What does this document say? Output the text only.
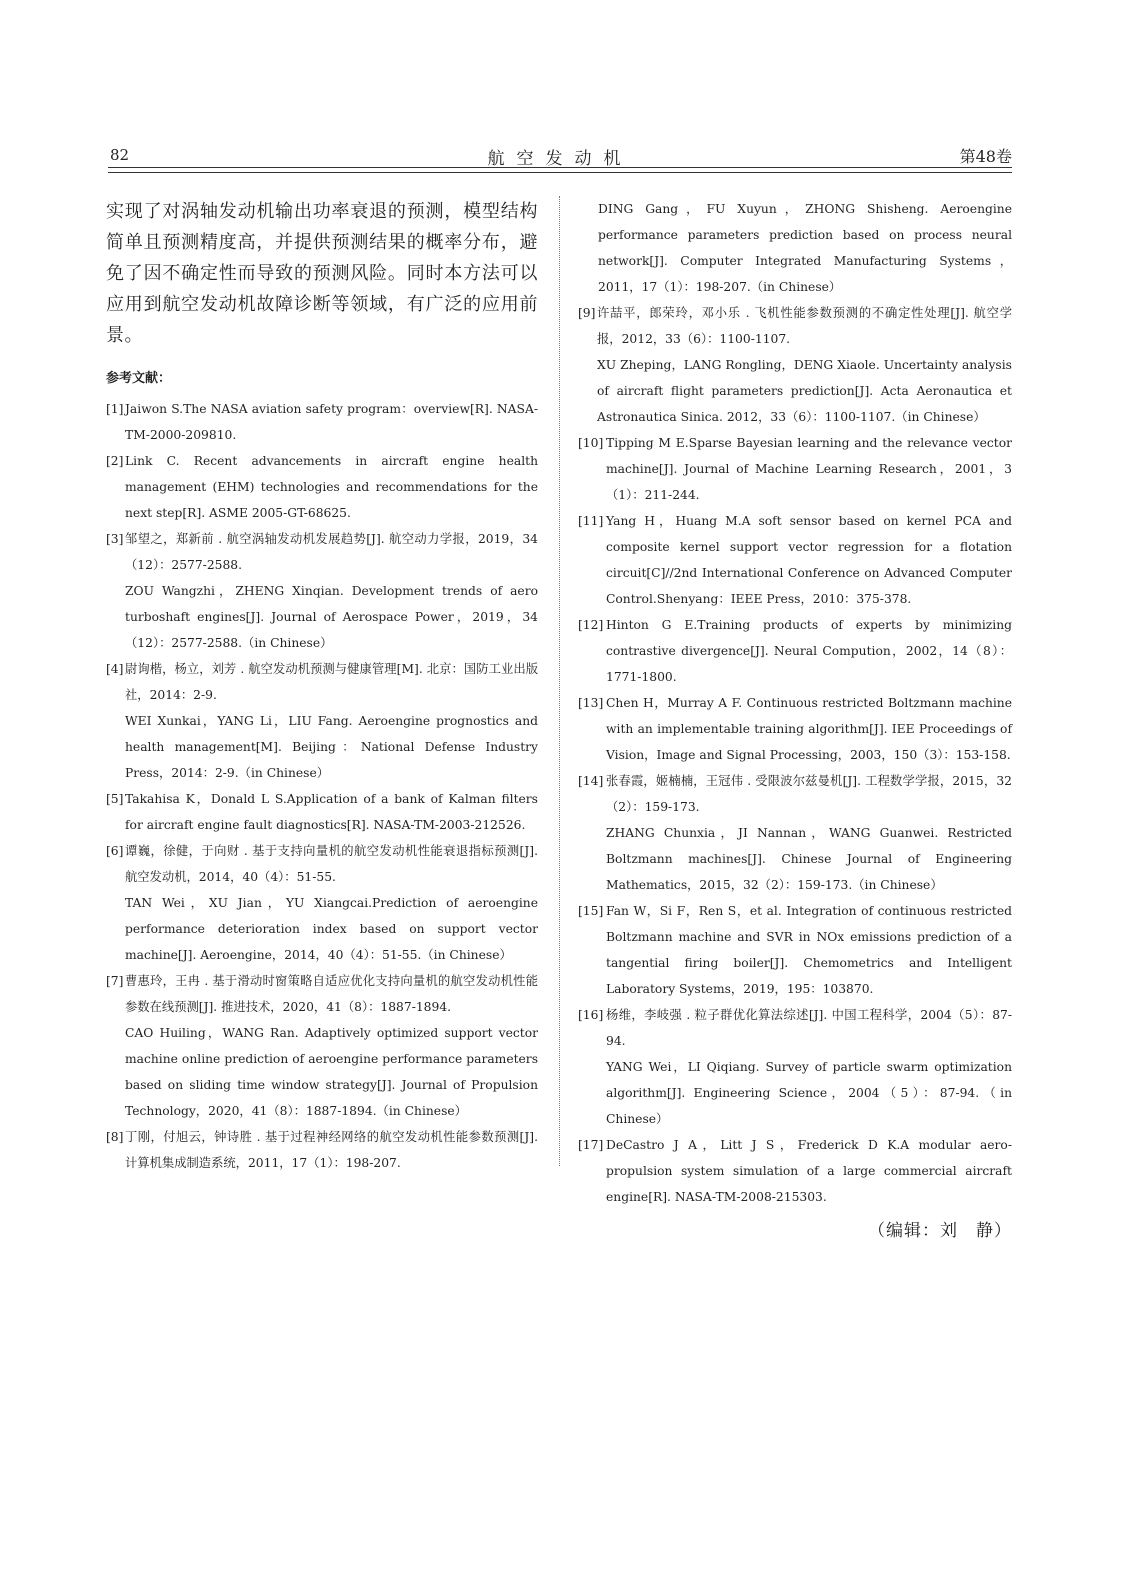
82	航空发动机	第48卷

实现了对涡轴发动机输出功率衰退的预测，模型结构简单且预测精度高，并提供预测结果的概率分布，避免了因不确定性而导致的预测风险。同时本方法可以应用到航空发动机故障诊断等领域，有广泛的应用前景。

参考文献：
[1] Jaiwon S.The NASA aviation safety program：overview[R]. NASA-TM-2000-209810.
[2] Link C. Recent advancements in aircraft engine health management (EHM) technologies and recommendations for the next step[R]. ASME 2005-GT-68625.
[3] 邹望之，郑新前 . 航空涡轴发动机发展趋势[J]. 航空动力学报，2019，34（12）：2577-2588.
ZOU Wangzhi，ZHENG Xinqian. Development trends of aero turboshaft engines[J]. Journal of Aerospace Power，2019，34（12）：2577-2588.（in Chinese）
[4] 尉询楷，杨立，刘芳 . 航空发动机预测与健康管理[M]. 北京：国防工业出版社，2014：2-9.
WEI Xunkai，YANG Li，LIU Fang. Aeroengine prognostics and health management[M]. Beijing：National Defense Industry Press，2014：2-9.（in Chinese）
[5] Takahisa K，Donald L S.Application of a bank of Kalman filters for aircraft engine fault diagnostics[R]. NASA-TM-2003-212526.
[6] 谭巍，徐健，于向财 . 基于支持向量机的航空发动机性能衰退指标预测[J]. 航空发动机，2014，40（4）：51-55.
TAN Wei，XU Jian，YU Xiangcai.Prediction of aeroengine performance deterioration index based on support vector machine[J]. Aeroengine，2014，40（4）：51-55.（in Chinese）
[7] 曹惠玲，王冉 . 基于滑动时窗策略自适应优化支持向量机的航空发动机性能参数在线预测[J]. 推进技术，2020，41（8）：1887-1894.
CAO Huiling，WANG Ran. Adaptively optimized support vector machine online prediction of aeroengine performance parameters based on sliding time window strategy[J]. Journal of Propulsion Technology，2020，41（8）：1887-1894.（in Chinese）
[8] 丁刚，付旭云，钟诗胜 . 基于过程神经网络的航空发动机性能参数预测[J]. 计算机集成制造系统，2011，17（1）：198-207.
DING Gang，FU Xuyun，ZHONG Shisheng. Aeroengine performance parameters prediction based on process neural network[J]. Computer Integrated Manufacturing Systems，2011，17（1）：198-207.（in Chinese）
[9] 许喆平，郎荣玲，邓小乐 . 飞机性能参数预测的不确定性处理[J]. 航空学报，2012，33（6）：1100-1107.
XU Zheping，LANG Rongling，DENG Xiaole. Uncertainty analysis of aircraft flight parameters prediction[J]. Acta Aeronautica et Astronautica Sinica. 2012，33（6）：1100-1107.（in Chinese）
[10] Tipping M E.Sparse Bayesian learning and the relevance vector machine[J]. Journal of Machine Learning Research，2001，3（1）：211-244.
[11] Yang H，Huang M.A soft sensor based on kernel PCA and composite kernel support vector regression for a flotation circuit[C]//2nd International Conference on Advanced Computer Control.Shenyang：IEEE Press，2010：375-378.
[12] Hinton G E.Training products of experts by minimizing contrastive divergence[J]. Neural Compution，2002，14（8）：1771-1800.
[13] Chen H，Murray A F. Continuous restricted Boltzmann machine with an implementable training algorithm[J]. IEE Proceedings of Vision，Image and Signal Processing，2003，150（3）：153-158.
[14] 张春霞，姬楠楠，王冠伟 . 受限波尔兹曼机[J]. 工程数学学报，2015，32（2）：159-173.
ZHANG Chunxia，JI Nannan，WANG Guanwei. Restricted Boltzmann machines[J]. Chinese Journal of Engineering Mathematics，2015，32（2）：159-173.（in Chinese）
[15] Fan W，Si F，Ren S，et al. Integration of continuous restricted Boltzmann machine and SVR in NOx emissions prediction of a tangential firing boiler[J]. Chemometrics and Intelligent Laboratory Systems，2019，195：103870.
[16] 杨维，李岐强 . 粒子群优化算法综述[J]. 中国工程科学，2004（5）：87-94.
YANG Wei，LI Qiqiang. Survey of particle swarm optimization algorithm[J]. Engineering Science，2004（5）：87-94.（in Chinese）
[17] DeCastro J A，Litt J S，Frederick D K.A modular aero-propulsion system simulation of a large commercial aircraft engine[R]. NASA-TM-2008-215303.
（编辑：刘　静）
